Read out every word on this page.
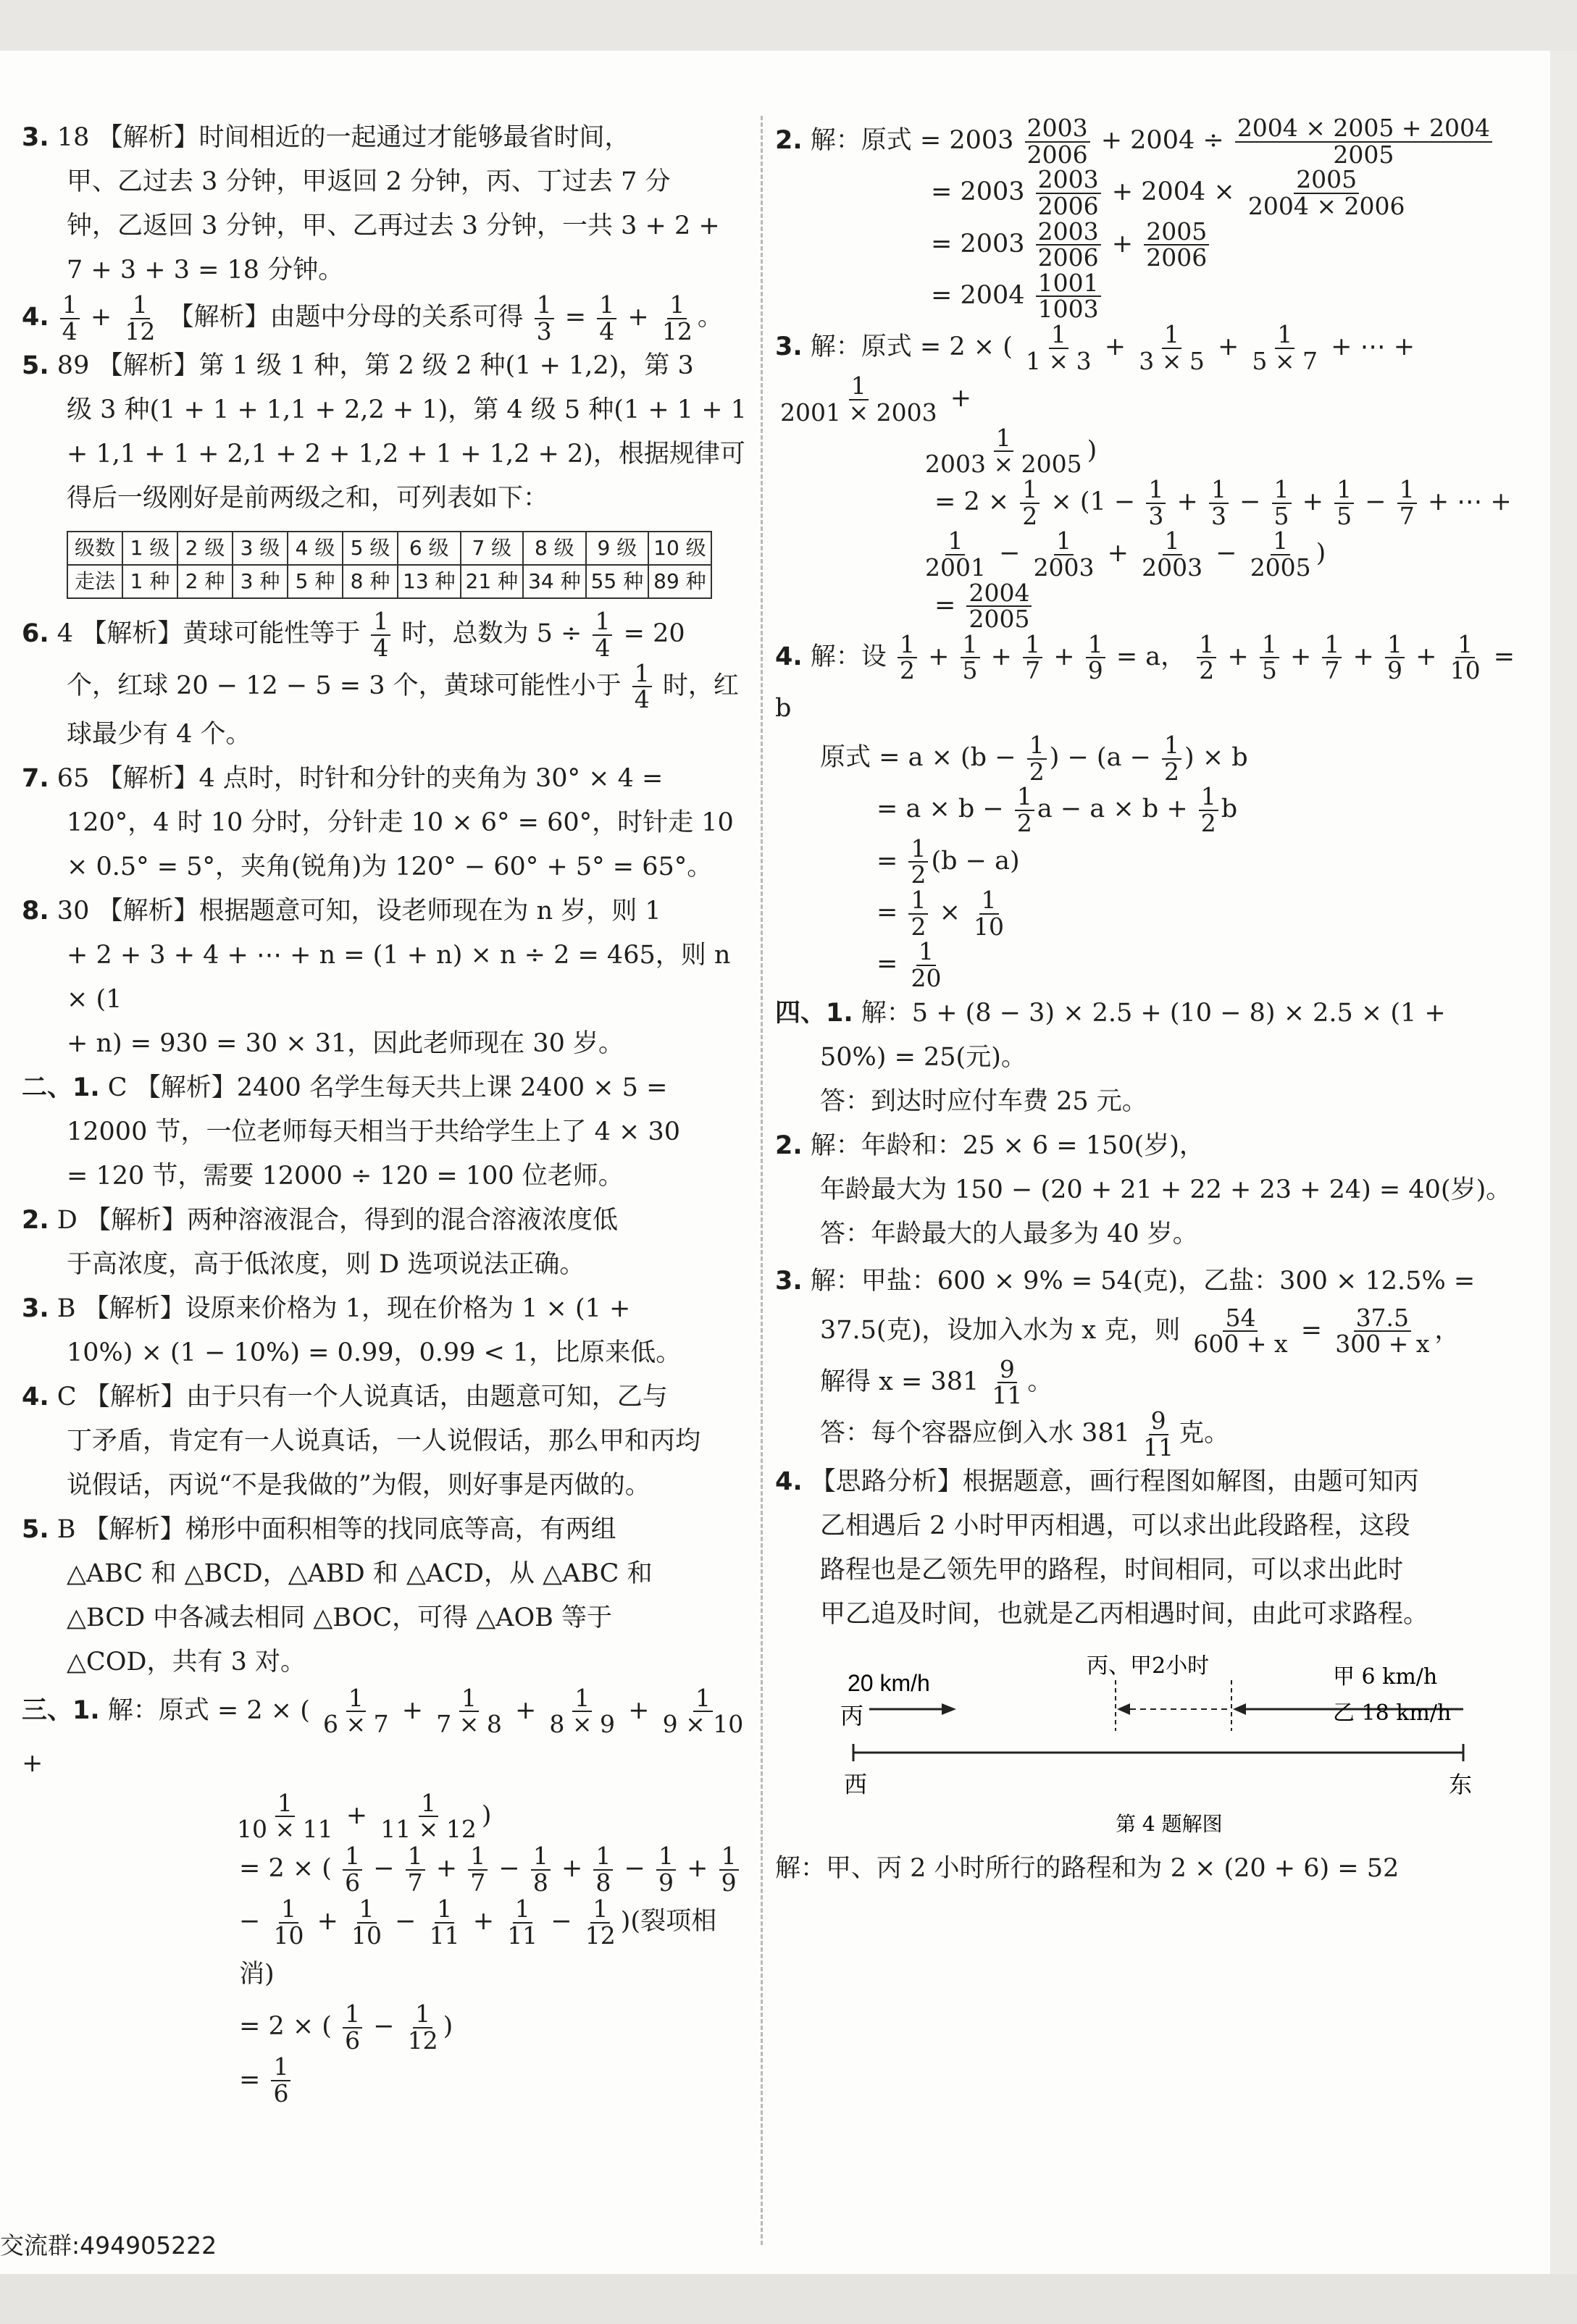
3. 18 【解析】时间相近的一起通过才能够最省时间，
甲、乙过去 3 分钟，甲返回 2 分钟，丙、丁过去 7 分
钟，乙返回 3 分钟，甲、乙再过去 3 分钟，一共 3 + 2 +
7 + 3 + 3 = 18 分钟。
4. $\frac{1}{4} + \frac{1}{12}$ 【解析】由题中分母的关系可得 $\frac{1}{3} = \frac{1}{4} + \frac{1}{12}$ 。
5. 89 【解析】第 1 级 1 种，第 2 级 2 种(1 + 1,2)，第 3
级 3 种(1 + 1 + 1,1 + 2,2 + 1)，第 4 级 5 种(1 + 1 + 1
+ 1,1 + 1 + 2,1 + 2 + 1,2 + 1 + 1,2 + 2)，根据规律可
得后一级刚好是前两级之和，可列表如下：
级数	1 级	2 级	3 级	4 级	5 级	6 级	7 级	8 级	9 级	10 级
走法	1 种	2 种	3 种	5 种	8 种	13 种	21 种	34 种	55 种	89 种
6. 4 【解析】黄球可能性等于 $\frac{1}{4}$ 时，总数为 $5 \div \frac{1}{4} = 20$
个，红球 20 − 12 − 5 = 3 个，黄球可能性小于 $\frac{1}{4}$ 时，红
球最少有 4 个。
7. 65 【解析】4 点时，时针和分针的夹角为 30° × 4 =
120°，4 时 10 分时，分针走 10 × 6° = 60°，时针走 10
× 0.5° = 5°，夹角(锐角)为 120° − 60° + 5° = 65°。
8. 30 【解析】根据题意可知，设老师现在为 n 岁，则 1
+ 2 + 3 + 4 + ⋯ + n = (1 + n) × n ÷ 2 = 465，则 n × (1
+ n) = 930 = 30 × 31，因此老师现在 30 岁。
二、1. C 【解析】2400 名学生每天共上课 2400 × 5 =
12000 节，一位老师每天相当于共给学生上了 4 × 30
= 120 节，需要 12000 ÷ 120 = 100 位老师。
2. D 【解析】两种溶液混合，得到的混合溶液浓度低
于高浓度，高于低浓度，则 D 选项说法正确。
3. B 【解析】设原来价格为 1，现在价格为 1 × (1 +
10%) × (1 − 10%) = 0.99，0.99 < 1，比原来低。
4. C 【解析】由于只有一个人说真话，由题意可知，乙与
丁矛盾，肯定有一人说真话，一人说假话，那么甲和丙均
说假话，丙说“不是我做的”为假，则好事是丙做的。
5. B 【解析】梯形中面积相等的找同底等高，有两组
△ABC 和 △BCD，△ABD 和 △ACD，从 △ABC 和
△BCD 中各减去相同 △BOC，可得 △AOB 等于
△COD，共有 3 对。
三、1. 解：原式 = 2 × ( $\frac{1}{6 \times 7} + \frac{1}{7 \times 8} + \frac{1}{8 \times 9} + \frac{1}{9 \times 10}$
+
$\frac{1}{10 \times 11} + \frac{1}{11 \times 12}$ )
= 2 × ( $\frac{1}{6} - \frac{1}{7} + \frac{1}{7} - \frac{1}{8} + \frac{1}{8} - \frac{1}{9} + \frac{1}{9}$
− $\frac{1}{10} + \frac{1}{10} - \frac{1}{11} + \frac{1}{11} - \frac{1}{12}$ )(裂项相消)
= 2 × ( $\frac{1}{6} - \frac{1}{12}$ )
= $\frac{1}{6}$
2. 解：原式 = $2003 \frac{2003}{2006} + 2004 \div \frac{2004 \times 2005 + 2004}{2005}$
= $2003 \frac{2003}{2006} + 2004 \times \frac{2005}{2004 \times 2006}$
= $2003 \frac{2003}{2006} + \frac{2005}{2006}$
= $2004 \frac{1001}{1003}$
3. 解：原式 = 2 × ( $\frac{1}{1 \times 3} + \frac{1}{3 \times 5} + \frac{1}{5 \times 7}$ + ⋯ +
$\frac{1}{2001 \times 2003}$ +
$\frac{1}{2003 \times 2005}$ )
= $2 \times \frac{1}{2} \times (1 - \frac{1}{3} + \frac{1}{3} - \frac{1}{5} + \frac{1}{5} - \frac{1}{7}$ + ⋯ +
$\frac{1}{2001} - \frac{1}{2003} + \frac{1}{2003} - \frac{1}{2005}$ )
= $\frac{2004}{2005}$
4. 解：设 $\frac{1}{2} + \frac{1}{5} + \frac{1}{7} + \frac{1}{9} = a$， $\frac{1}{2} + \frac{1}{5} + \frac{1}{7} + \frac{1}{9} + \frac{1}{10} = b$
原式 = $a \times (b - \frac{1}{2}$ ) − ($a - \frac{1}{2}$ ) × b
= $a \times b - \frac{1}{2}$ $a - a \times b + \frac{1}{2}$ b
= $\frac{1}{2} (b - a)$
= $\frac{1}{2} \times \frac{1}{10}$
= $\frac{1}{20}$
四、1. 解：5 + (8 − 3) × 2.5 + (10 − 8) × 2.5 × (1 +
50%) = 25(元)。
答：到达时应付车费 25 元。
2. 解：年龄和：25 × 6 = 150(岁)，
年龄最大为 150 − (20 + 21 + 22 + 23 + 24) = 40(岁)。
答：年龄最大的人最多为 40 岁。
3. 解：甲盐：600 × 9% = 54(克)，乙盐：300 × 12.5% =
37.5(克)，设加入水为 x 克，则 $\frac{54}{600 + x} = \frac{37.5}{300 + x}$ ，
解得 $x = 381 \frac{9}{11}$ 。
答：每个容器应倒入水 $381 \frac{9}{11}$ 克。
4. 【思路分析】根据题意，画行程图如解图，由题可知丙
乙相遇后 2 小时甲丙相遇，可以求出此段路程，这段
路程也是乙领先甲的路程，时间相同，可以求出此时
甲乙追及时间，也就是乙丙相遇时间，由此可求路程。
20 km/h
丙
丙、甲2小时	甲 6 km/h
乙 18 km/h
西	东
第 4 题解图
解：甲、丙 2 小时所行的路程和为 2 × (20 + 6) = 52
交流群:494905222
